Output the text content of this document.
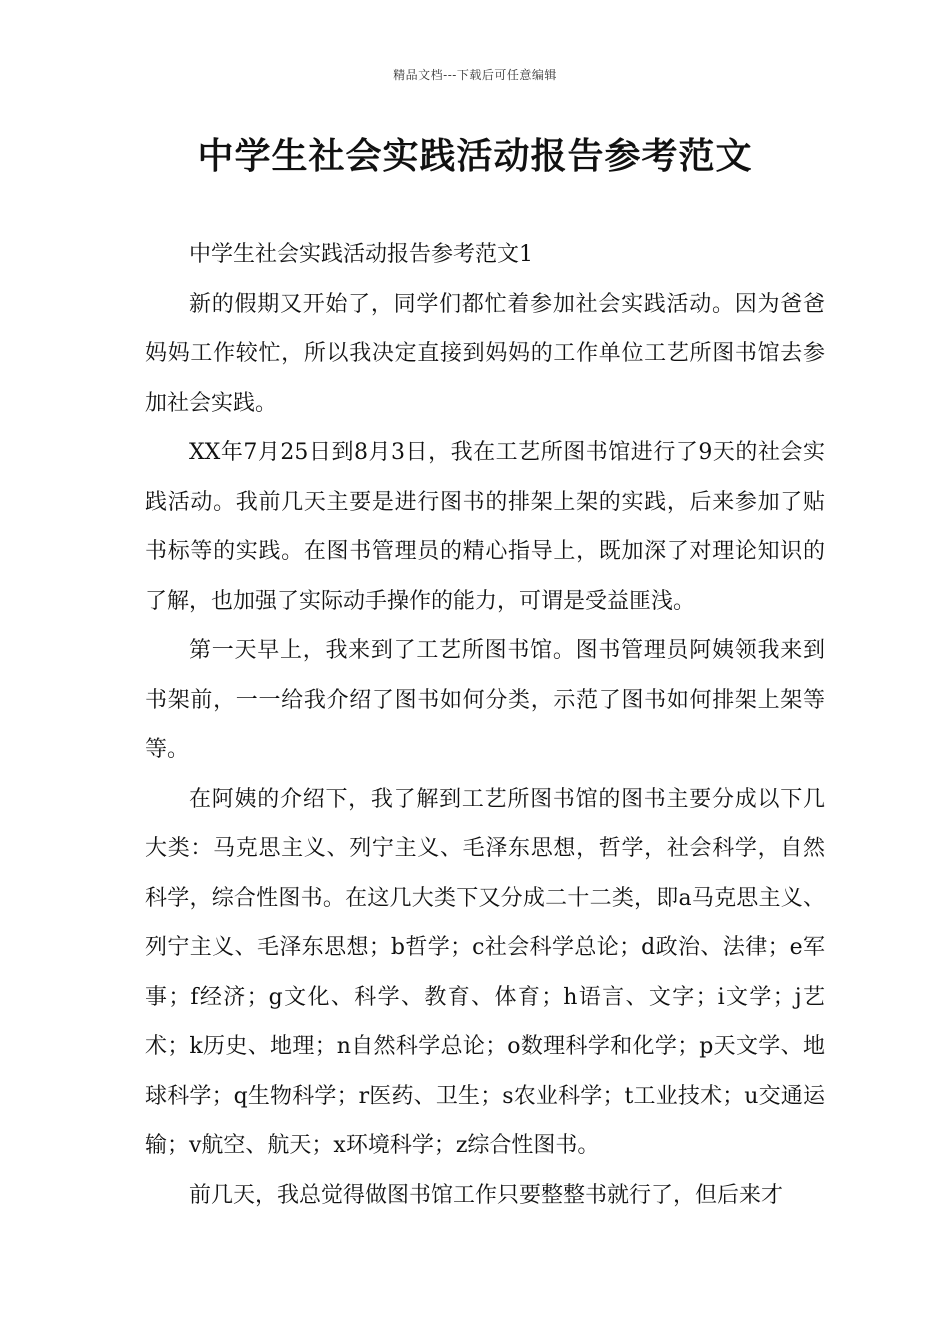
精品文档---下载后可任意编辑
中学生社会实践活动报告参考范文

中学生社会实践活动报告参考范文1

新的假期又开始了，同学们都忙着参加社会实践活动。因为爸爸妈妈工作较忙，所以我决定直接到妈妈的工作单位工艺所图书馆去参加社会实践。

XX年7月25日到8月3日，我在工艺所图书馆进行了9天的社会实践活动。我前几天主要是进行图书的排架上架的实践，后来参加了贴书标等的实践。在图书管理员的精心指导上，既加深了对理论知识的了解，也加强了实际动手操作的能力，可谓是受益匪浅。

第一天早上，我来到了工艺所图书馆。图书管理员阿姨领我来到书架前，一一给我介绍了图书如何分类，示范了图书如何排架上架等等。

在阿姨的介绍下，我了解到工艺所图书馆的图书主要分成以下几大类：马克思主义、列宁主义、毛泽东思想，哲学，社会科学，自然科学，综合性图书。在这几大类下又分成二十二类，即a马克思主义、列宁主义、毛泽东思想；b哲学；c社会科学总论；d政治、法律；e军事；f经济；g文化、科学、教育、体育；h语言、文字；i文学；j艺术；k历史、地理；n自然科学总论；o数理科学和化学；p天文学、地球科学；q生物科学；r医药、卫生；s农业科学；t工业技术；u交通运输；v航空、航天；x环境科学；z综合性图书。

前几天，我总觉得做图书馆工作只要整整书就行了，但后来才
